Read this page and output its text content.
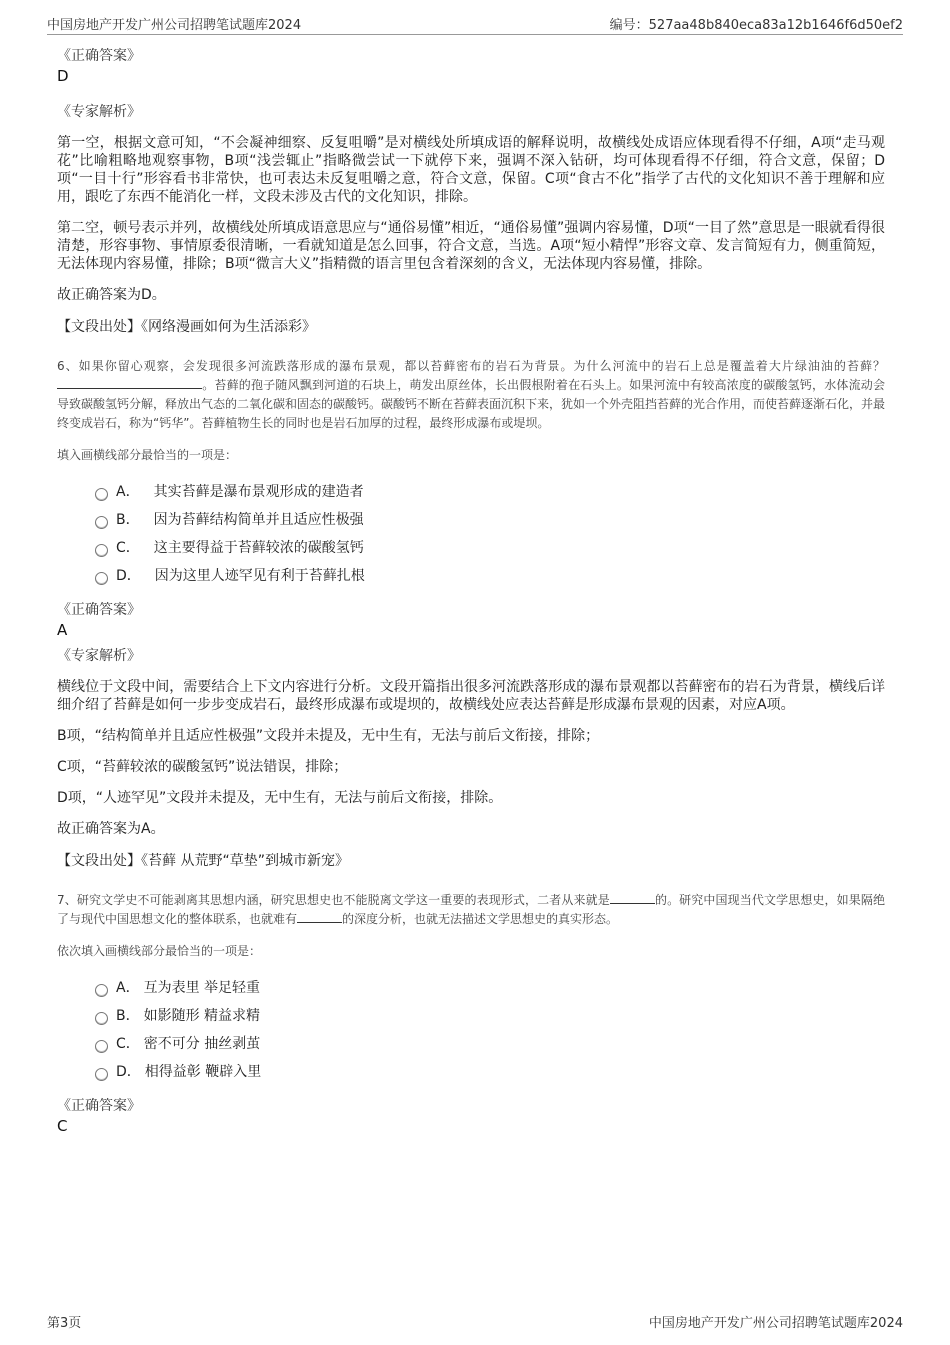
中国房地产开发广州公司招聘笔试题库2024	编号：527aa48b840eca83a12b1646f6d50ef2
《正确答案》
D
《专家解析》

第一空，根据文意可知，“不会凝神细察、反复咀嚼”是对横线处所填成语的解释说明，故横线处成语应体现看得不仔细，A项“走马观花”比喻粗略地观察事物，B项“浅尝辄止”指略微尝试一下就停下来，强调不深入钻研，均可体现看得不仔细，符合文意，保留；D项“一目十行”形容看书非常快，也可表达未反复咀嚼之意，符合文意，保留。C项“食古不化”指学了古代的文化知识不善于理解和应用，跟吃了东西不能消化一样，文段未涉及古代的文化知识，排除。

第二空，顿号表示并列，故横线处所填成语意思应与“通俗易懂”相近，“通俗易懂”强调内容易懂，D项“一目了然”意思是一眼就看得很清楚，形容事物、事情原委很清晰，一看就知道是怎么回事，符合文意，当选。A项“短小精悍”形容文章、发言简短有力，侧重简短，无法体现内容易懂，排除；B项“微言大义”指精微的语言里包含着深刻的含义，无法体现内容易懂，排除。

故正确答案为D。

【文段出处】《网络漫画如何为生活添彩》

6、如果你留心观察，会发现很多河流跌落形成的瀑布景观，都以苔藓密布的岩石为背景。为什么河流中的岩石上总是覆盖着大片绿油油的苔藓？。苔藓的孢子随风飘到河道的石块上，萌发出原丝体，长出假根附着在石头上。如果河流中有较高浓度的碳酸氢钙，水体流动会导致碳酸氢钙分解，释放出气态的二氧化碳和固态的碳酸钙。碳酸钙不断在苔藓表面沉积下来，犹如一个外壳阻挡苔藓的光合作用，而使苔藓逐渐石化，并最终变成岩石，称为“钙华”。苔藓植物生长的同时也是岩石加厚的过程，最终形成瀑布或堤坝。

填入画横线部分最恰当的一项是：

A． 其实苔藓是瀑布景观形成的建造者
B． 因为苔藓结构简单并且适应性极强
C． 这主要得益于苔藓较浓的碳酸氢钙
D． 因为这里人迹罕见有利于苔藓扎根
《正确答案》
A
《专家解析》

横线位于文段中间，需要结合上下文内容进行分析。文段开篇指出很多河流跌落形成的瀑布景观都以苔藓密布的岩石为背景，横线后详细介绍了苔藓是如何一步步变成岩石，最终形成瀑布或堤坝的，故横线处应表达苔藓是形成瀑布景观的因素，对应A项。

B项，“结构简单并且适应性极强”文段并未提及，无中生有，无法与前后文衔接，排除；

C项，“苔藓较浓的碳酸氢钙”说法错误，排除；

D项，“人迹罕见”文段并未提及，无中生有，无法与前后文衔接，排除。

故正确答案为A。

【文段出处】《苔藓 从荒野“草垫”到城市新宠》

7、研究文学史不可能剥离其思想内涵，研究思想史也不能脱离文学这一重要的表现形式，二者从来就是	的。研究中国现当代文学思想史，如果隔绝了与现代中国思想文化的整体联系，也就难有	的深度分析，也就无法描述文学思想史的真实形态。

依次填入画横线部分最恰当的一项是：

A． 互为表里 举足轻重
B． 如影随形 精益求精
C． 密不可分 抽丝剥茧
D． 相得益彰 鞭辟入里
《正确答案》
C
第3页	中国房地产开发广州公司招聘笔试题库2024
